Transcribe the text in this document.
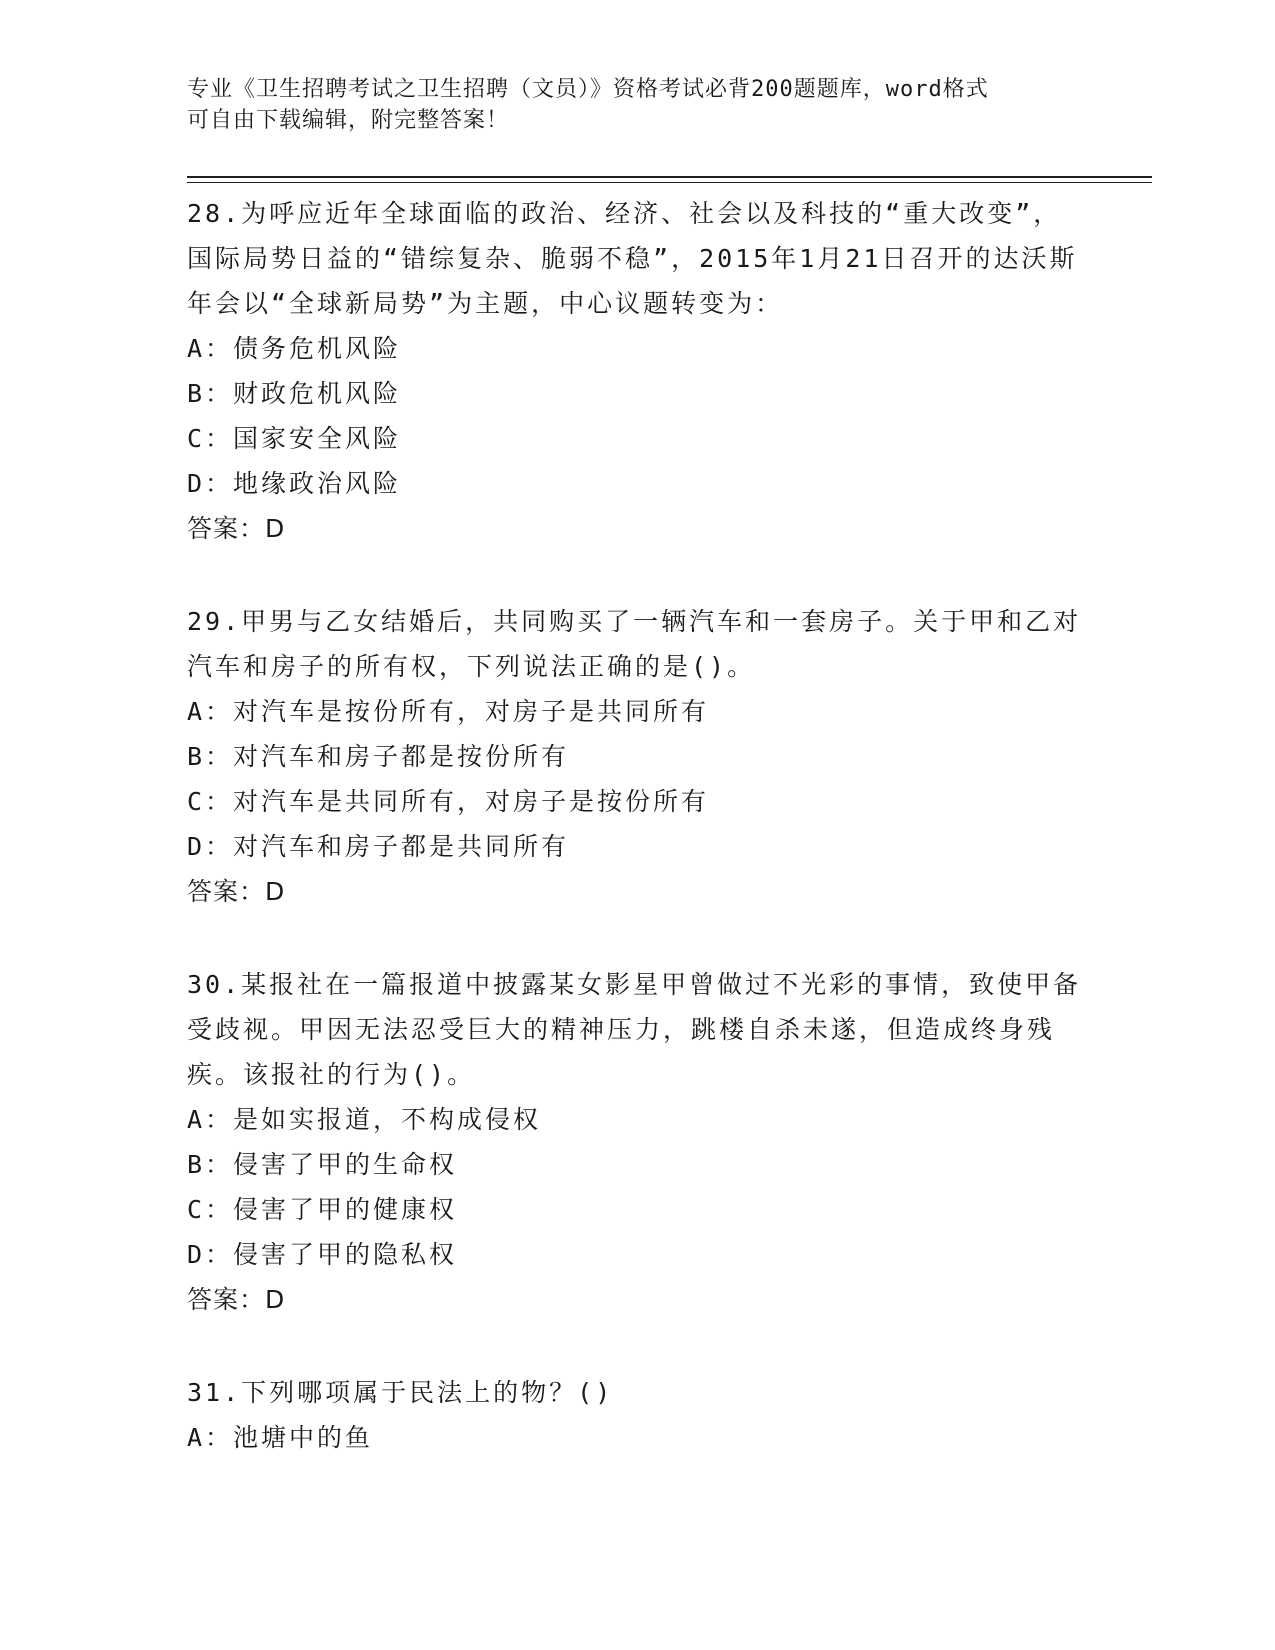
专业《卫生招聘考试之卫生招聘（文员）》资格考试必背200题题库，word格式
可自由下载编辑，附完整答案！

28.为呼应近年全球面临的政治、经济、社会以及科技的“重大改变”，国际局势日益的“错综复杂、脆弱不稳”，2015年1月21日召开的达沃斯年会以“全球新局势”为主题，中心议题转变为：

A：债务危机风险

B：财政危机风险

C：国家安全风险

D：地缘政治风险

答案：D

29.甲男与乙女结婚后，共同购买了一辆汽车和一套房子。关于甲和乙对汽车和房子的所有权，下列说法正确的是()。

A：对汽车是按份所有，对房子是共同所有

B：对汽车和房子都是按份所有

C：对汽车是共同所有，对房子是按份所有

D：对汽车和房子都是共同所有

答案：D

30.某报社在一篇报道中披露某女影星甲曾做过不光彩的事情，致使甲备受歧视。甲因无法忍受巨大的精神压力，跳楼自杀未遂，但造成终身残疾。该报社的行为()。

A：是如实报道，不构成侵权

B：侵害了甲的生命权

C：侵害了甲的健康权

D：侵害了甲的隐私权

答案：D

31.下列哪项属于民法上的物？()

A：池塘中的鱼
